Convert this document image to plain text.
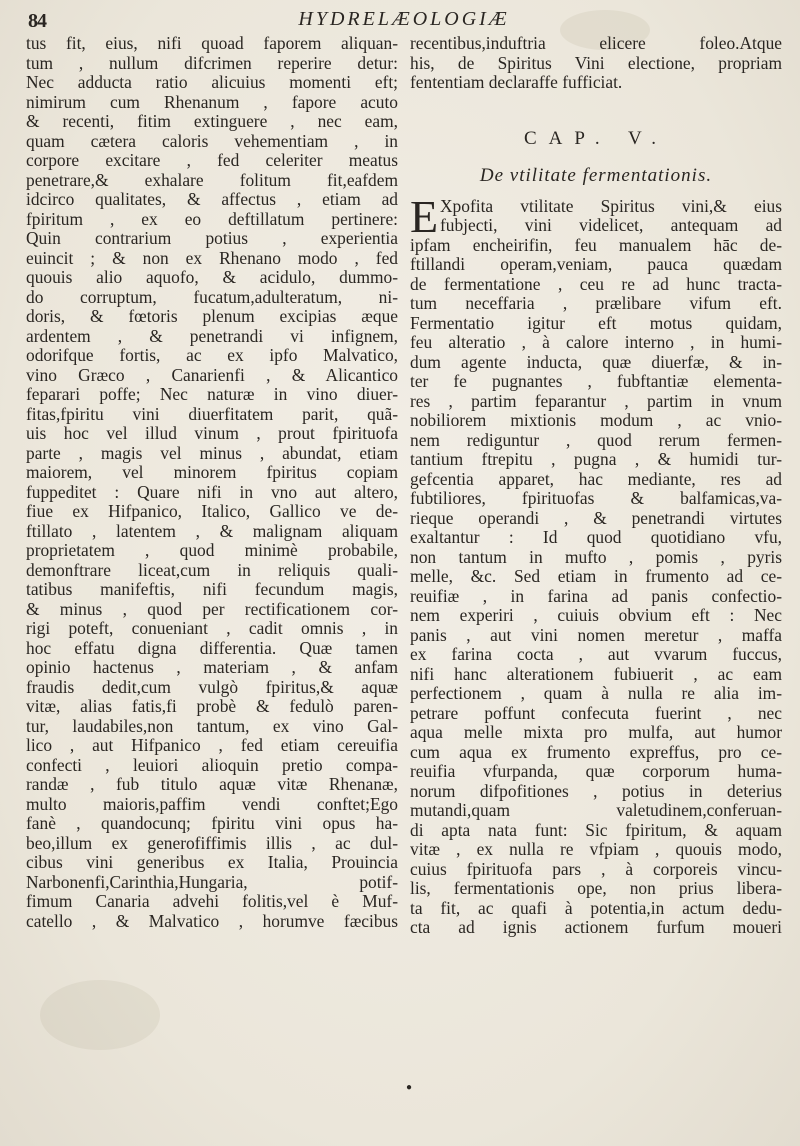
84	HYDRELÆOLOGIÆ
tus fit, eius, nifi quoad faporem aliquan-
tum , nullum difcrimen reperire detur:
Nec adducta ratio alicuius momenti eft;
nimirum cum Rhenanum , fapore acuto
& recenti, fitim extinguere , nec eam,
quam cætera caloris vehementiam , in
corpore excitare , fed celeriter meatus
penetrare,& exhalare folitum fit,eafdem
idcirco qualitates, & affectus , etiam ad
fpiritum , ex eo deftillatum pertinere:
Quin contrarium potius , experientia
euincit ; & non ex Rhenano modo , fed
quouis alio aquofo, & acidulo, dummo-
do corruptum, fucatum,adulteratum, ni-
doris, & fœtoris plenum excipias æque
ardentem , & penetrandi vi infignem,
odorifque fortis, ac ex ipfo Malvatico,
vino Græco , Canarienfi , & Alicantico
feparari poffe; Nec naturæ in vino diuer-
fitas,fpiritu vini diuerfitatem parit, quã-
uis hoc vel illud vinum , prout fpirituofa
parte , magis vel minus , abundat, etiam
maiorem, vel minorem fpiritus copiam
fuppeditet : Quare nifi in vno aut altero,
fiue ex Hifpanico, Italico, Gallico ve de-
ftillato , latentem , & malignam aliquam
proprietatem , quod minimè probabile,
demonftrare liceat,cum in reliquis quali-
tatibus manifeftis, nifi fecundum magis,
& minus , quod per rectificationem cor-
rigi poteft, conueniant , cadit omnis , in
hoc effatu digna differentia. Quæ tamen
opinio hactenus , materiam , & anfam
fraudis dedit,cum vulgò fpiritus,& aquæ
vitæ, alias fatis,fi probè & fedulò paren-
tur, laudabiles,non tantum, ex vino Gal-
lico , aut Hifpanico , fed etiam cereuifia
confecti , leuiori alioquin pretio compa-
randæ , fub titulo aquæ vitæ Rhenanæ,
multo maioris,paffim vendi conftet;Ego
fanè , quandocunq; fpiritu vini opus ha-
beo,illum ex generofiffimis illis , ac dul-
cibus vini generibus ex Italia, Prouincia
Narbonenfi,Carinthia,Hungaria, potif-
fimum Canaria advehi folitis,vel è Muf-
catello , & Malvatico , horumve fæcibus
recentibus,induftria elicere foleo.Atque
his, de Spiritus Vini electione, propriam
fententiam declaraffe fufficiat.
CAP. V.
De vtilitate fermentationis.
E Xpofita vtilitate Spiritus vini,& eius
fubjecti, vini videlicet, antequam ad
ipfam encheirifin, feu manualem hāc de-
ftillandi operam,veniam, pauca quædam
de fermentatione , ceu re ad hunc tracta-
tum neceffaria , prælibare vifum eft.
Fermentatio igitur eft motus quidam,
feu alteratio , à calore interno , in humi-
dum agente inducta, quæ diuerfæ, & in-
ter fe pugnantes , fubftantiæ elementa-
res , partim feparantur , partim in vnum
nobiliorem mixtionis modum , ac vnio-
nem rediguntur , quod rerum fermen-
tantium ftrepitu , pugna , & humidi tur-
gefcentia apparet, hac mediante, res ad
fubtiliores, fpirituofas & balfamicas,va-
rieque operandi , & penetrandi virtutes
exaltantur : Id quod quotidiano vfu,
non tantum in mufto , pomis , pyris
melle, &c. Sed etiam in frumento ad ce-
reuifiæ , in farina ad panis confectio-
nem experiri , cuiuis obvium eft : Nec
panis , aut vini nomen meretur , maffa
ex farina cocta , aut vvarum fuccus,
nifi hanc alterationem fubiuerit , ac eam
perfectionem , quam à nulla re alia im-
petrare poffunt confecuta fuerint , nec
aqua melle mixta pro mulfa, aut humor
cum aqua ex frumento expreffus, pro ce-
reuifia vfurpanda, quæ corporum huma-
norum difpofitiones , potius in deterius
mutandi,quam valetudinem,conferuan-
di apta nata funt: Sic fpiritum, & aquam
vitæ , ex nulla re vfpiam , quouis modo,
cuius fpirituofa pars , à corporeis vincu-
lis, fermentationis ope, non prius libera-
ta fit, ac quafi à potentia,in actum dedu-
cta ad ignis actionem furfum moueri
●
